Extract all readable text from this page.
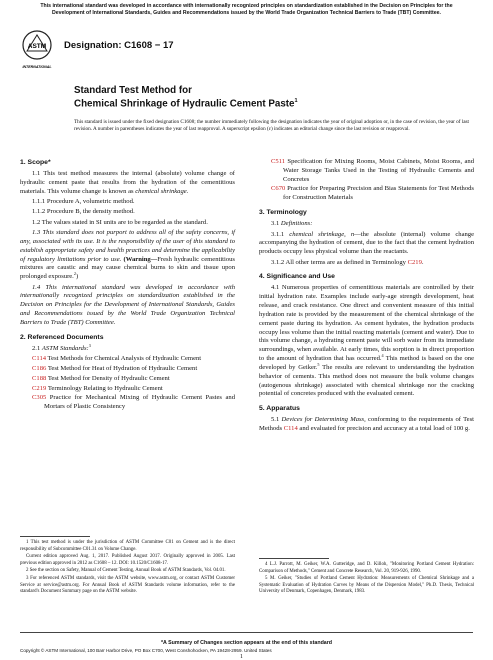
This international standard was developed in accordance with internationally recognized principles on standardization established in the Decision on Principles for the Development of International Standards, Guides and Recommendations issued by the World Trade Organization Technical Barriers to Trade (TBT) Committee.
ASTM
INTERNATIONAL
Designation: C1608 − 17
Standard Test Method for
Chemical Shrinkage of Hydraulic Cement Paste$^1$
This standard is issued under the fixed designation C1608; the number immediately following the designation indicates the year of original adoption or, in the case of revision, the year of last revision. A number in parentheses indicates the year of last reapproval. A superscript epsilon (ε) indicates an editorial change since the last revision or reapproval.
1. Scope*

1.1 This test method measures the internal (absolute) volume change of hydraulic cement paste that results from the hydration of the cementitious materials. This volume change is known as chemical shrinkage.

1.1.1 Procedure A, volumetric method.

1.1.2 Procedure B, the density method.

1.2 The values stated in SI units are to be regarded as the standard.

1.3 This standard does not purport to address all of the safety concerns, if any, associated with its use. It is the responsibility of the user of this standard to establish appropriate safety and health practices and determine the applicability of regulatory limitations prior to use. (Warning—Fresh hydraulic cementitious mixtures are caustic and may cause chemical burns to skin and tissue upon prolonged exposure.$^2$)

1.4 This international standard was developed in accordance with internationally recognized principles on standardization established in the Decision on Principles for the Development of International Standards, Guides and Recommendations issued by the World Trade Organization Technical Barriers to Trade (TBT) Committee.

2. Referenced Documents

2.1 ASTM Standards:$^3$

C114 Test Methods for Chemical Analysis of Hydraulic Cement
C186 Test Method for Heat of Hydration of Hydraulic Cement
C188 Test Method for Density of Hydraulic Cement
C219 Terminology Relating to Hydraulic Cement
C305 Practice for Mechanical Mixing of Hydraulic Cement Pastes and Mortars of Plastic Consistency

1 This test method is under the jurisdiction of ASTM Committee C01 on Cement and is the direct responsibility of Subcommittee C01.31 on Volume Change.

Current edition approved Aug. 1, 2017. Published August 2017. Originally approved in 2005. Last previous edition approved in 2012 as C1608 – 12. DOI: 10.1520/C1608-17.

2 See the section on Safety, Manual of Cement Testing, Annual Book of ASTM Standards, Vol. 04.01.

3 For referenced ASTM standards, visit the ASTM website, www.astm.org, or contact ASTM Customer Service at service@astm.org. For Annual Book of ASTM Standards volume information, refer to the standard's Document Summary page on the ASTM website.

C511 Specification for Mixing Rooms, Moist Cabinets, Moist Rooms, and Water Storage Tanks Used in the Testing of Hydraulic Cements and Concretes
C670 Practice for Preparing Precision and Bias Statements for Test Methods for Construction Materials
3. Terminology

3.1 Definitions:

3.1.1 chemical shrinkage, n—the absolute (internal) volume change accompanying the hydration of cement, due to the fact that the cement hydration products occupy less physical volume than the reactants.

3.1.2 All other terms are as defined in Terminology C219.

4. Significance and Use

4.1 Numerous properties of cementitious materials are controlled by their initial hydration rate. Examples include early-age strength development, heat release, and crack resistance. One direct and convenient measure of this initial hydration rate is provided by the measurement of the chemical shrinkage of the cement paste during its hydration. As cement hydrates, the hydration products occupy less volume than the initial reacting materials (cement and water). Due to this volume change, a hydrating cement paste will sorb water from its immediate surroundings, when available. At early times, this sorption is in direct proportion to the amount of hydration that has occurred.$^4$ This method is based on the one developed by Geiker.$^5$ The results are relevant to understanding the hydration behavior of cements. This method does not measure the bulk volume changes (autogenous shrinkage) associated with chemical shrinkage nor the cracking potential of concretes produced with the evaluated cement.

5. Apparatus

5.1 Devices for Determining Mass, conforming to the requirements of Test Methods C114 and evaluated for precision and accuracy at a total load of 100 g.

4 L.J. Parrott, M. Geiker, W.A. Gutteridge, and D. Killoh, "Monitoring Portland Cement Hydration: Comparison of Methods," Cement and Concrete Research, Vol. 20, 919-926, 1990.

5 M. Geiker, "Studies of Portland Cement Hydration: Measurements of Chemical Shrinkage and a Systematic Evaluation of Hydration Curves by Means of the Dispersion Model," Ph.D. Thesis, Technical University of Denmark, Copenhagen, Denmark, 1983.

*A Summary of Changes section appears at the end of this standard
Copyright © ASTM International, 100 Barr Harbor Drive, PO Box C700, West Conshohocken, PA 19428-2959. United States
1
